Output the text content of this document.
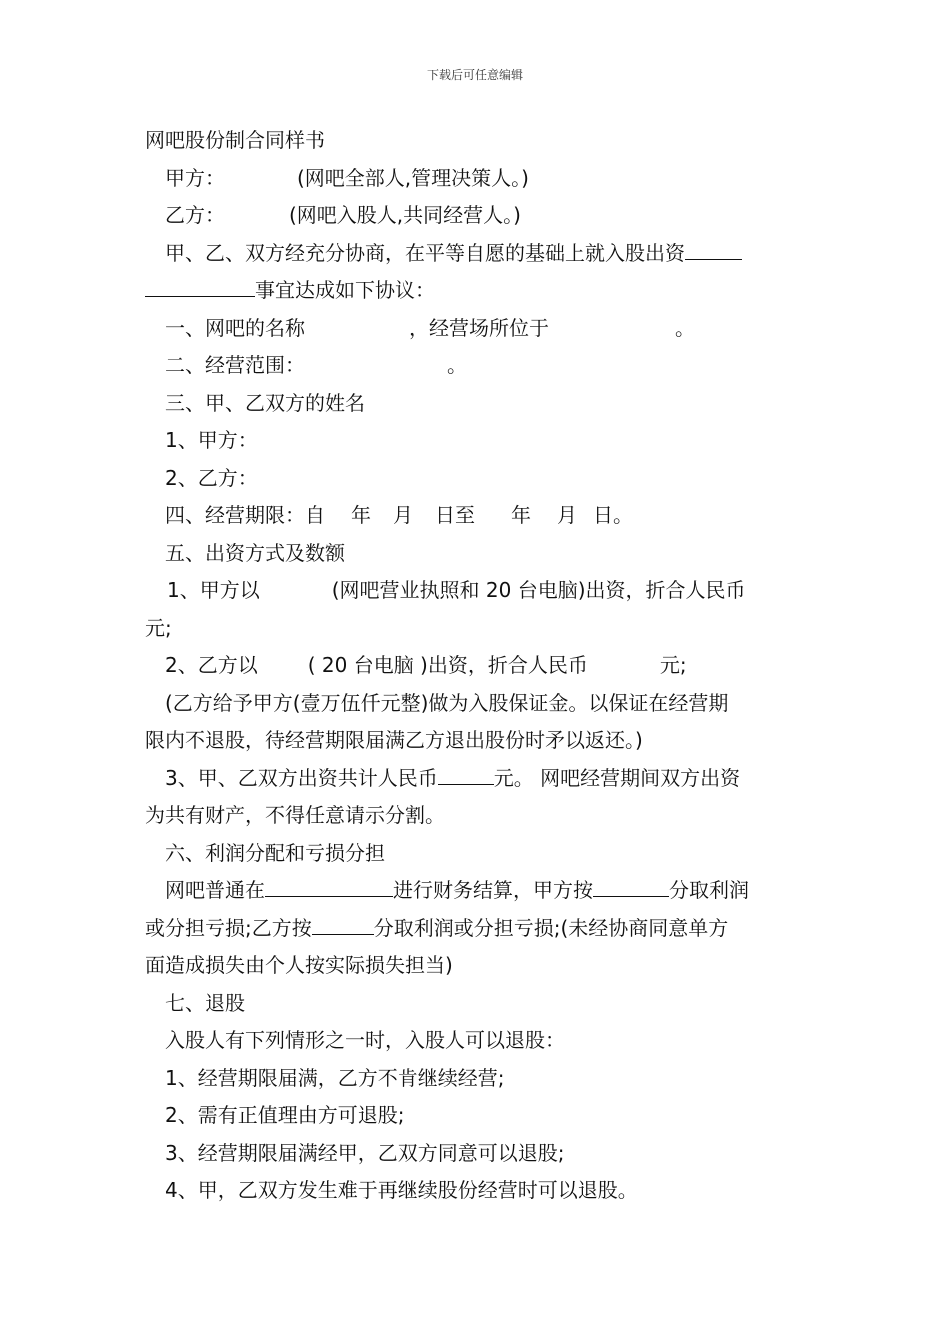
下载后可任意编辑

网吧股份制合同样书

甲方：	(网吧全部人,管理决策人。)

乙方：	(网吧入股人,共同经营人。)

甲、乙、双方经充分协商，在平等自愿的基础上就入股出资

事宜达成如下协议：

一、网吧的名称	，经营场所位于	。

二、经营范围：	。

三、甲、乙双方的姓名

1、甲方：

2、乙方：

四、经营期限：自 年 月 日至 年 月 日。

五、出资方式及数额

1、甲方以	(网吧营业执照和 20 台电脑)出资，折合人民币

元;

2、乙方以	( 20 台电脑 )出资，折合人民币	元;

(乙方给予甲方(壹万伍仟元整)做为入股保证金。以保证在经营期

限内不退股，待经营期限届满乙方退出股份时矛以返还。)

3、甲、乙双方出资共计人民币	元。 网吧经营期间双方出资

为共有财产，不得任意请示分割。

六、利润分配和亏损分担

网吧普通在	进行财务结算，甲方按	分取利润

或分担亏损;乙方按	分取利润或分担亏损;(未经协商同意单方

面造成损失由个人按实际损失担当)

七、退股

入股人有下列情形之一时，入股人可以退股：

1、经营期限届满，乙方不肯继续经营;

2、需有正值理由方可退股;

3、经营期限届满经甲，乙双方同意可以退股;

4、甲，乙双方发生难于再继续股份经营时可以退股。
